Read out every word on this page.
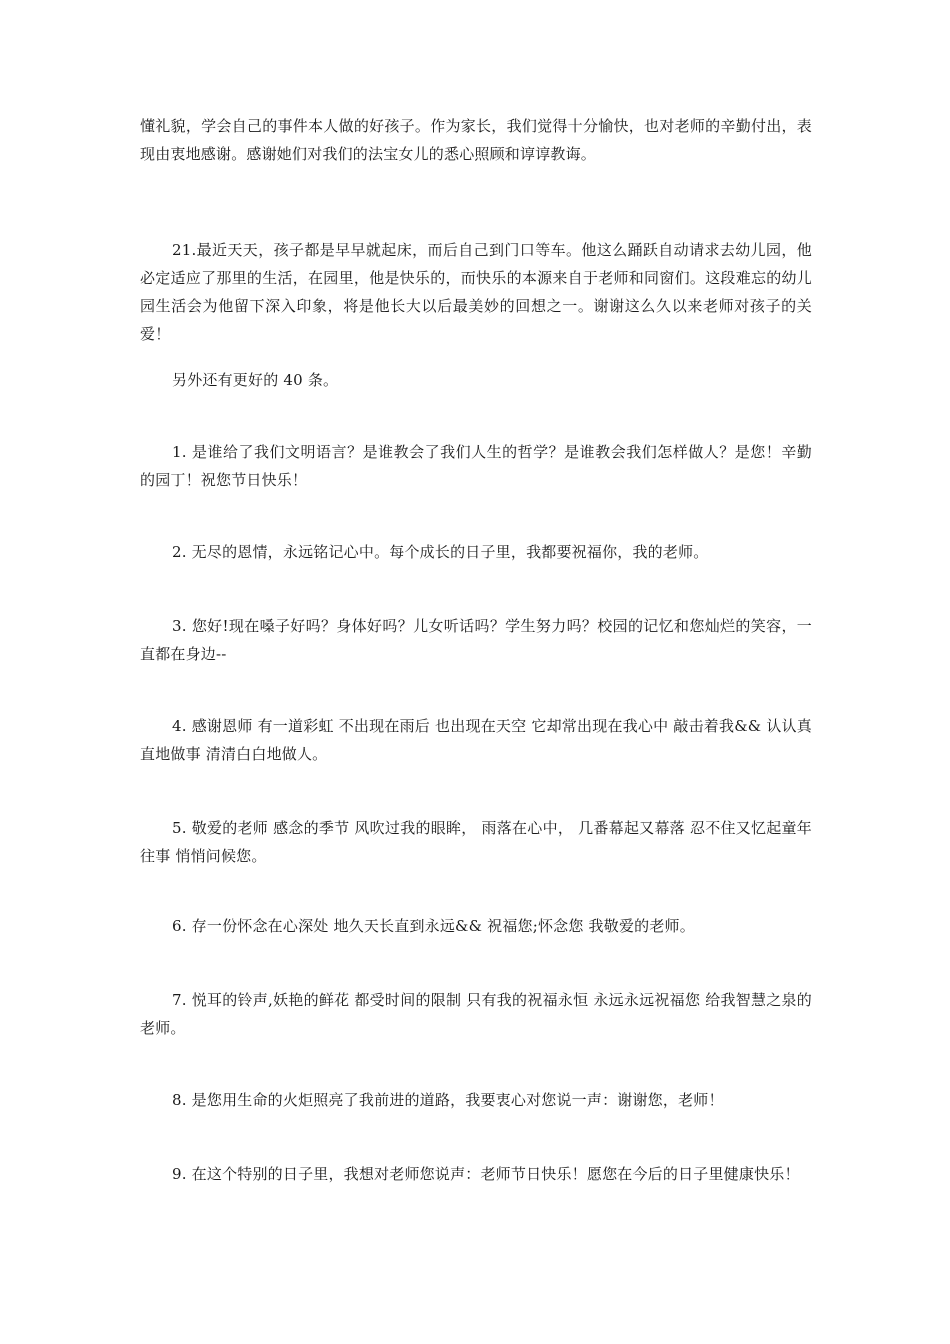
懂礼貌，学会自己的事件本人做的好孩子。作为家长，我们觉得十分愉快，也对老师的辛勤付出，表现由衷地感谢。感谢她们对我们的法宝女儿的悉心照顾和谆谆教诲。

21.最近天天，孩子都是早早就起床，而后自己到门口等车。他这么踊跃自动请求去幼儿园，他必定适应了那里的生活，在园里，他是快乐的，而快乐的本源来自于老师和同窗们。这段难忘的幼儿园生活会为他留下深入印象，将是他长大以后最美妙的回想之一。谢谢这么久以来老师对孩子的关爱！

另外还有更好的 40 条。

1. 是谁给了我们文明语言？是谁教会了我们人生的哲学？是谁教会我们怎样做人？是您！辛勤的园丁！祝您节日快乐！

2. 无尽的恩情，永远铭记心中。每个成长的日子里，我都要祝福你，我的老师。

3. 您好!现在嗓子好吗？身体好吗？儿女听话吗？学生努力吗？校园的记忆和您灿烂的笑容，一直都在身边--

4. 感谢恩师 有一道彩虹 不出现在雨后 也出现在天空 它却常出现在我心中 敲击着我&& 认认真直地做事 清清白白地做人。

5. 敬爱的老师 感念的季节 风吹过我的眼眸， 雨落在心中， 几番幕起又幕落 忍不住又忆起童年往事 悄悄问候您。

6. 存一份怀念在心深处 地久天长直到永远&& 祝福您;怀念您 我敬爱的老师。

7. 悦耳的铃声,妖艳的鲜花 都受时间的限制 只有我的祝福永恒 永远永远祝福您 给我智慧之泉的老师。

8. 是您用生命的火炬照亮了我前进的道路，我要衷心对您说一声：谢谢您，老师！

9. 在这个特别的日子里，我想对老师您说声：老师节日快乐！愿您在今后的日子里健康快乐！
